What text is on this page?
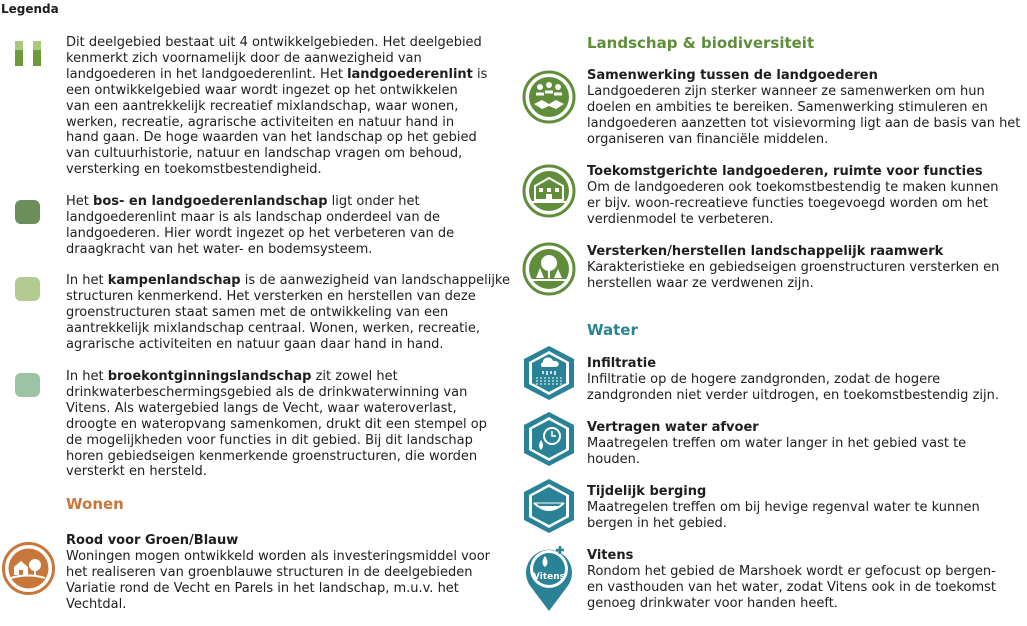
Legenda
Dit deelgebied bestaat uit 4 ontwikkelgebieden. Het deelgebied
kenmerkt zich voornamelijk door de aanwezigheid van
landgoederen in het landgoederenlint. Het landgoederenlint is
een ontwikkelgebied waar wordt ingezet op het ontwikkelen
van een aantrekkelijk recreatief mixlandschap, waar wonen,
werken, recreatie, agrarische activiteiten en natuur hand in
hand gaan. De hoge waarden van het landschap op het gebied
van cultuurhistorie, natuur en landschap vragen om behoud,
versterking en toekomstbestendigheid.
Het bos- en landgoederenlandschap ligt onder het
landgoederenlint maar is als landschap onderdeel van de
landgoederen. Hier wordt ingezet op het verbeteren van de
draagkracht van het water- en bodemsysteem.
In het kampenlandschap is de aanwezigheid van landschappelijke
structuren kenmerkend. Het versterken en herstellen van deze
groenstructuren staat samen met de ontwikkeling van een
aantrekkelijk mixlandschap centraal. Wonen, werken, recreatie,
agrarische activiteiten en natuur gaan daar hand in hand.
In het broekontginningslandschap zit zowel het
drinkwaterbeschermingsgebied als de drinkwaterwinning van
Vitens. Als watergebied langs de Vecht, waar wateroverlast,
droogte en wateropvang samenkomen, drukt dit een stempel op
de mogelijkheden voor functies in dit gebied. Bij dit landschap
horen gebiedseigen kenmerkende groenstructuren, die worden
versterkt en hersteld.
Wonen
Rood voor Groen/Blauw
Woningen mogen ontwikkeld worden als investeringsmiddel voor
het realiseren van groenblauwe structuren in de deelgebieden
Variatie rond de Vecht en Parels in het landschap, m.u.v. het
Vechtdal.
Landschap & biodiversiteit
Samenwerking tussen de landgoederen
Landgoederen zijn sterker wanneer ze samenwerken om hun
doelen en ambities te bereiken. Samenwerking stimuleren en
landgoederen aanzetten tot visievorming ligt aan de basis van het
organiseren van financiële middelen.
Toekomstgerichte landgoederen, ruimte voor functies
Om de landgoederen ook toekomstbestendig te maken kunnen
er bijv. woon-recreatieve functies toegevoegd worden om het
verdienmodel te verbeteren.
Versterken/herstellen landschappelijk raamwerk
Karakteristieke en gebiedseigen groenstructuren versterken en
herstellen waar ze verdwenen zijn.
Water
Infiltratie
Infiltratie op de hogere zandgronden, zodat de hogere
zandgronden niet verder uitdrogen, en toekomstbestendig zijn.
Vertragen water afvoer
Maatregelen treffen om water langer in het gebied vast te
houden.
Tijdelijk berging
Maatregelen treffen om bij hevige regenval water te kunnen
bergen in het gebied.
Vitens
Vitens
Rondom het gebied de Marshoek wordt er gefocust op bergen-
en vasthouden van het water, zodat Vitens ook in de toekomst
genoeg drinkwater voor handen heeft.
